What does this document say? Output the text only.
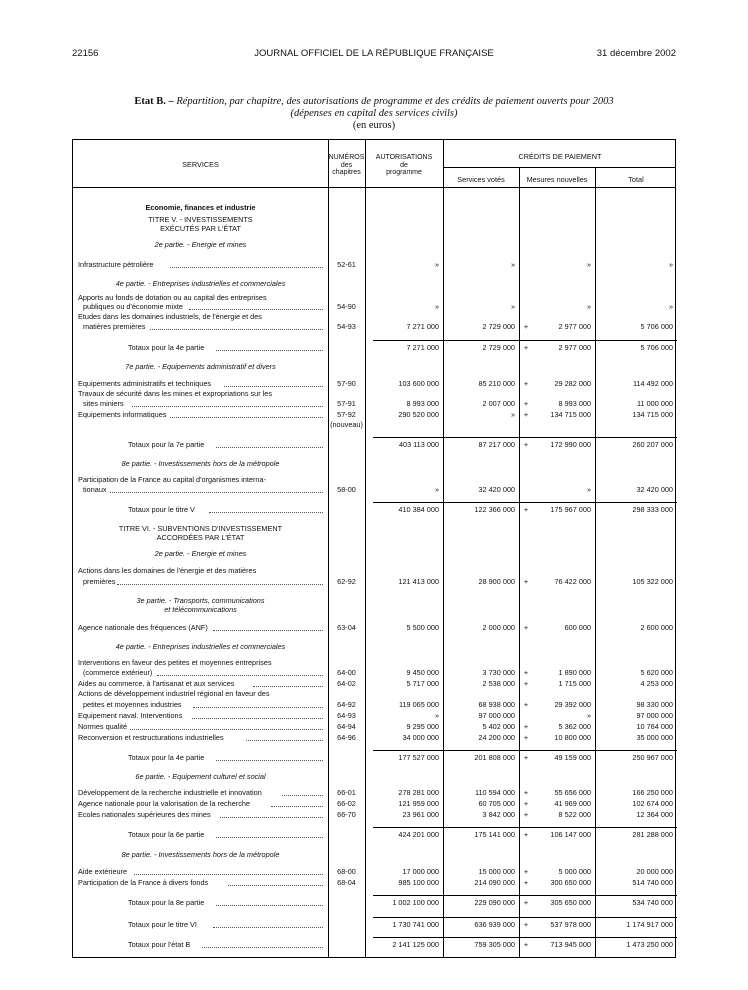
22156	JOURNAL OFFICIEL DE LA RÉPUBLIQUE FRANÇAISE	31 décembre 2002
Etat B. – Répartition, par chapitre, des autorisations de programme et des crédits de paiement ouverts pour 2003
(dépenses en capital des services civils)
(en euros)
SERVICES
NUMÉROS
des
chapitres
AUTORISATIONS
de
programme
CRÉDITS DE PAIEMENT
Services votés	Mesures nouvelles	Total
Economie, finances et industrie
TITRE V. - INVESTISSEMENTS
EXÉCUTÉS PAR L'ÉTAT
2e partie. - Energie et mines
Infrastructure pétrolière	52-61	»	»	»	»
4e partie. - Entreprises industrielles et commerciales
Apports au fonds de dotation ou au capital des entreprises
publiques ou d'économie mixte	54-90	»	»	»	»
Etudes dans les domaines industriels, de l'énergie et des
matières premières	54-93	7 271 000	2 729 000	+	2 977 000	5 706 000
Totaux pour la 4e partie	7 271 000	2 729 000	+	2 977 000	5 706 000
7e partie. - Equipements administratif et divers
Equipements administratifs et techniques	57-90	103 600 000	85 210 000	+	29 282 000	114 492 000
Travaux de sécurité dans les mines et expropriations sur les
sites miniers	57-91	8 993 000	2 007 000	+	8 993 000	11 000 000
Equipements informatiques	57-92	290 520 000	»	+	134 715 000	134 715 000
(nouveau)
Totaux pour la 7e partie	403 113 000	87 217 000	+	172 990 000	260 207 000
8e partie. - Investissements hors de la métropole
Participation de la France au capital d'organismes interna-
tionaux	58-00	»	32 420 000	»	32 420 000
Totaux pour le titre V	410 384 000	122 366 000	+	175 967 000	298 333 000
TITRE VI. - SUBVENTIONS D'INVESTISSEMENT
ACCORDÉES PAR L'ÉTAT
2e partie. - Energie et mines
Actions dans les domaines de l'énergie et des matières
premières	62-92	121 413 000	28 900 000	+	76 422 000	105 322 000
3e partie. - Transports, communications
et télécommunications
Agence nationale des fréquences (ANF)	63-04	5 500 000	2 000 000	+	600 000	2 600 000
4e partie. - Entreprises industrielles et commerciales
Interventions en faveur des petites et moyennes entreprises
(commerce extérieur)	64-00	9 450 000	3 730 000	+	1 890 000	5 620 000
Aides au commerce, à l'artisanat et aux services	64-02	5 717 000	2 538 000	+	1 715 000	4 253 000
Actions de développement industriel régional en faveur des
petites et moyennes industries	64-92	119 065 000	68 938 000	+	29 392 000	98 330 000
Equipement naval. Interventions	64-93	»	97 000 000	»	97 000 000
Normes qualité	64-94	9 295 000	5 402 000	+	5 362 000	10 764 000
Reconversion et restructurations industrielles	64-96	34 000 000	24 200 000	+	10 800 000	35 000 000
Totaux pour la 4e partie	177 527 000	201 808 000	+	49 159 000	250 967 000
6e partie. - Equipement culturel et social
Développement de la recherche industrielle et innovation	66-01	278 281 000	110 594 000	+	55 656 000	166 250 000
Agence nationale pour la valorisation de la recherche	66-02	121 959 000	60 705 000	+	41 969 000	102 674 000
Ecoles nationales supérieures des mines	66-70	23 961 000	3 842 000	+	8 522 000	12 364 000
Totaux pour la 6e partie	424 201 000	175 141 000	+	106 147 000	281 288 000
8e partie. - Investissements hors de la métropole
Aide extérieure	68-00	17 000 000	15 000 000	+	5 000 000	20 000 000
Participation de la France à divers fonds	68-04	985 100 000	214 090 000	+	300 650 000	514 740 000
Totaux pour la 8e partie	1 002 100 000	229 090 000	+	305 650 000	534 740 000
Totaux pour le titre VI	1 730 741 000	636 939 000	+	537 978 000	1 174 917 000
Totaux pour l'état B	2 141 125 000	759 305 000	+	713 945 000	1 473 250 000
